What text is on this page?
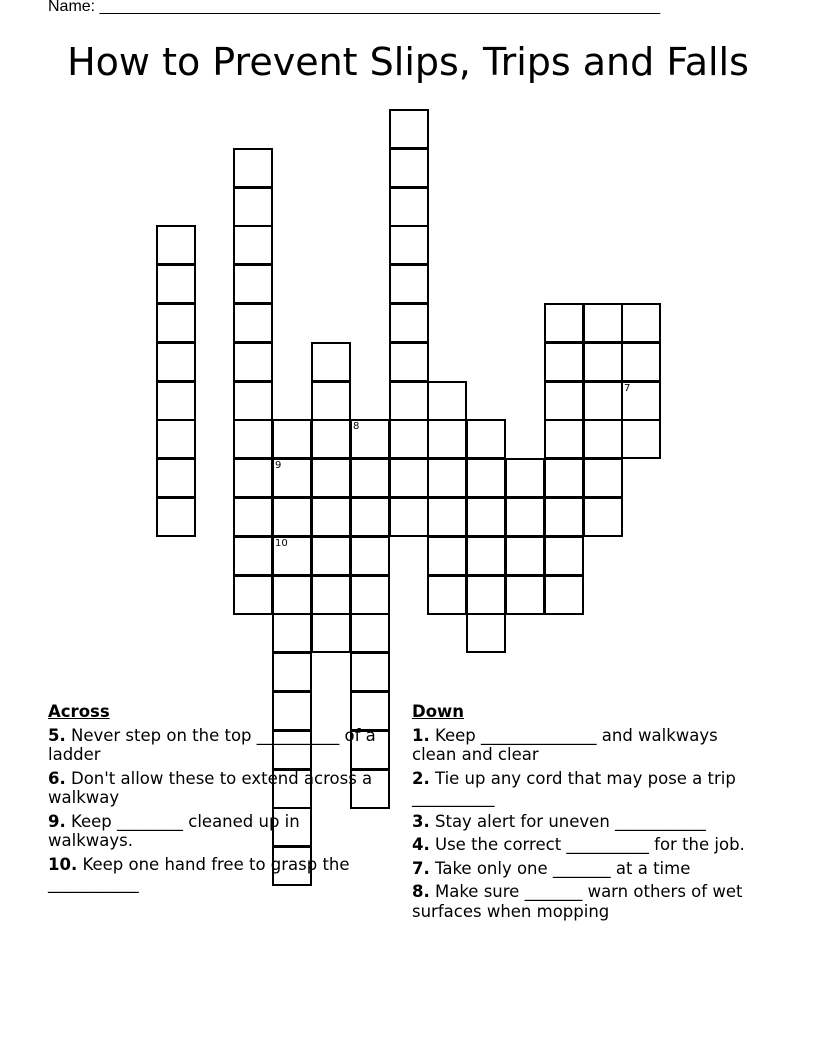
Name: _______________________________________________________________
How to Prevent Slips, Trips and Falls
9
10
8
7
Across
5. Never step on the top __________ of a ladder
6. Don't allow these to extend across a walkway
9. Keep ________ cleaned up in walkways.
10. Keep one hand free to grasp the ___________
Down
1. Keep ______________ and walkways clean and clear
2. Tie up any cord that may pose a trip __________
3. Stay alert for uneven ___________
4. Use the correct __________ for the job.
7. Take only one _______ at a time
8. Make sure _______ warn others of wet surfaces when mopping
